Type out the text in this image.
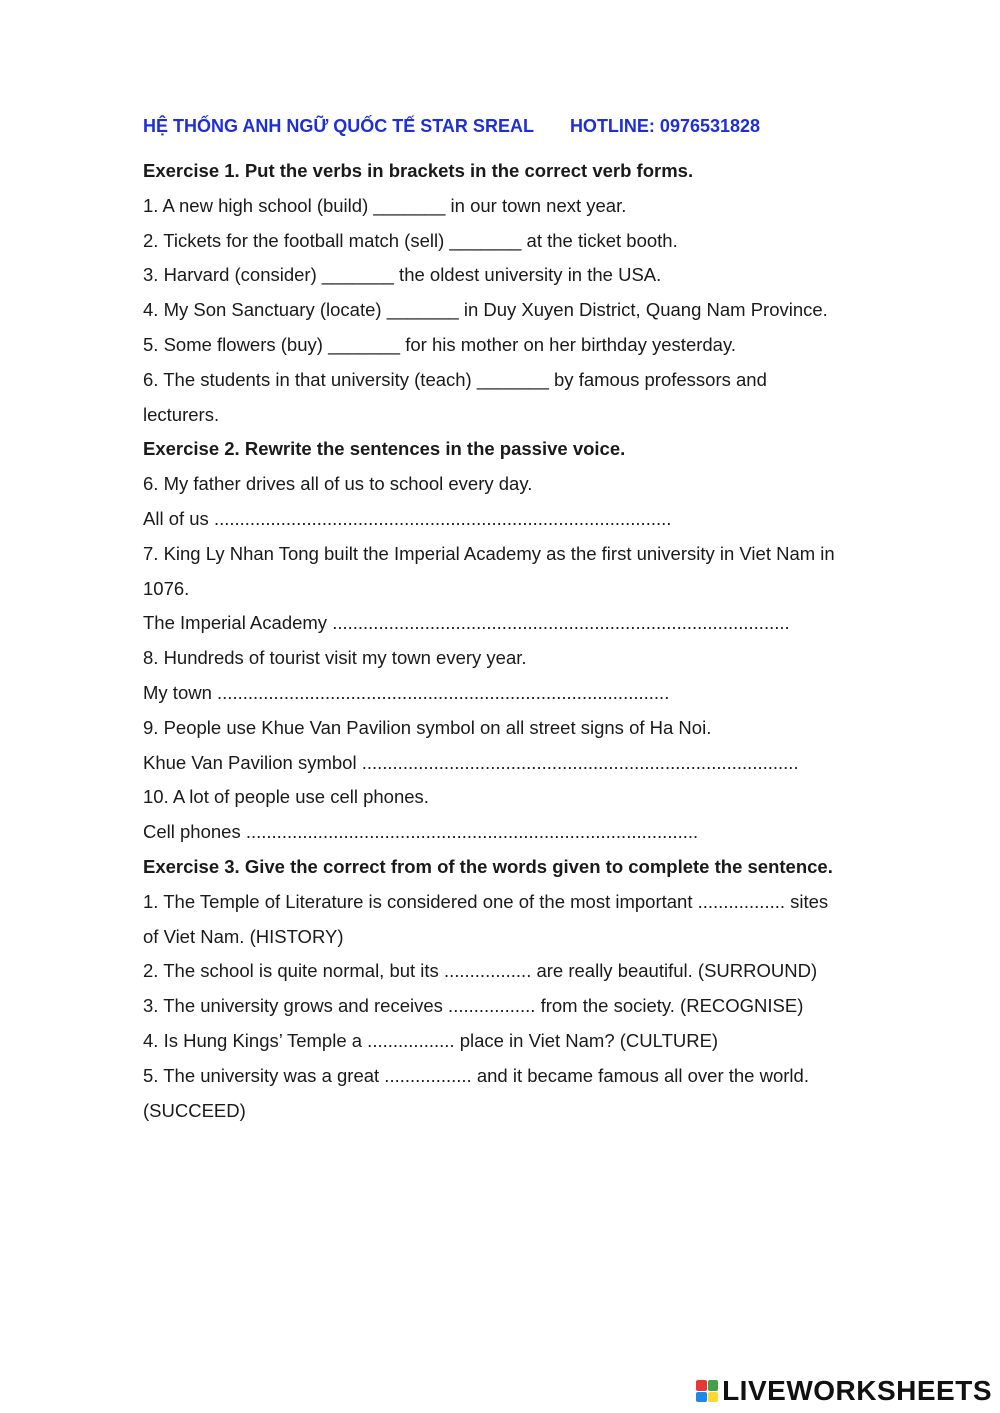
HỆ THỐNG ANH NGỮ QUỐC TẾ STAR SREAL HOTLINE: 0976531828
Exercise 1. Put the verbs in brackets in the correct verb forms.
1. A new high school (build) _______ in our town next year.
2. Tickets for the football match (sell) _______ at the ticket booth.
3. Harvard (consider) _______ the oldest university in the USA.
4. My Son Sanctuary (locate) _______ in Duy Xuyen District, Quang Nam Province.
5. Some flowers (buy) _______ for his mother on her birthday yesterday.
6. The students in that university (teach) _______ by famous professors and
lecturers.
Exercise 2. Rewrite the sentences in the passive voice.
6. My father drives all of us to school every day.
All of us .........................................................................................
7. King Ly Nhan Tong built the Imperial Academy as the first university in Viet Nam in
1076.
The Imperial Academy .........................................................................................
8. Hundreds of tourist visit my town every year.
My town ........................................................................................
9. People use Khue Van Pavilion symbol on all street signs of Ha Noi.
Khue Van Pavilion symbol .....................................................................................
10. A lot of people use cell phones.
Cell phones ........................................................................................
Exercise 3. Give the correct from of the words given to complete the sentence.
1. The Temple of Literature is considered one of the most important ................. sites
of Viet Nam. (HISTORY)
2. The school is quite normal, but its ................. are really beautiful. (SURROUND)
3. The university grows and receives ................. from the society. (RECOGNISE)
4. Is Hung Kings’ Temple a ................. place in Viet Nam? (CULTURE)
5. The university was a great ................. and it became famous all over the world.
(SUCCEED)
LIVEWORKSHEETS
